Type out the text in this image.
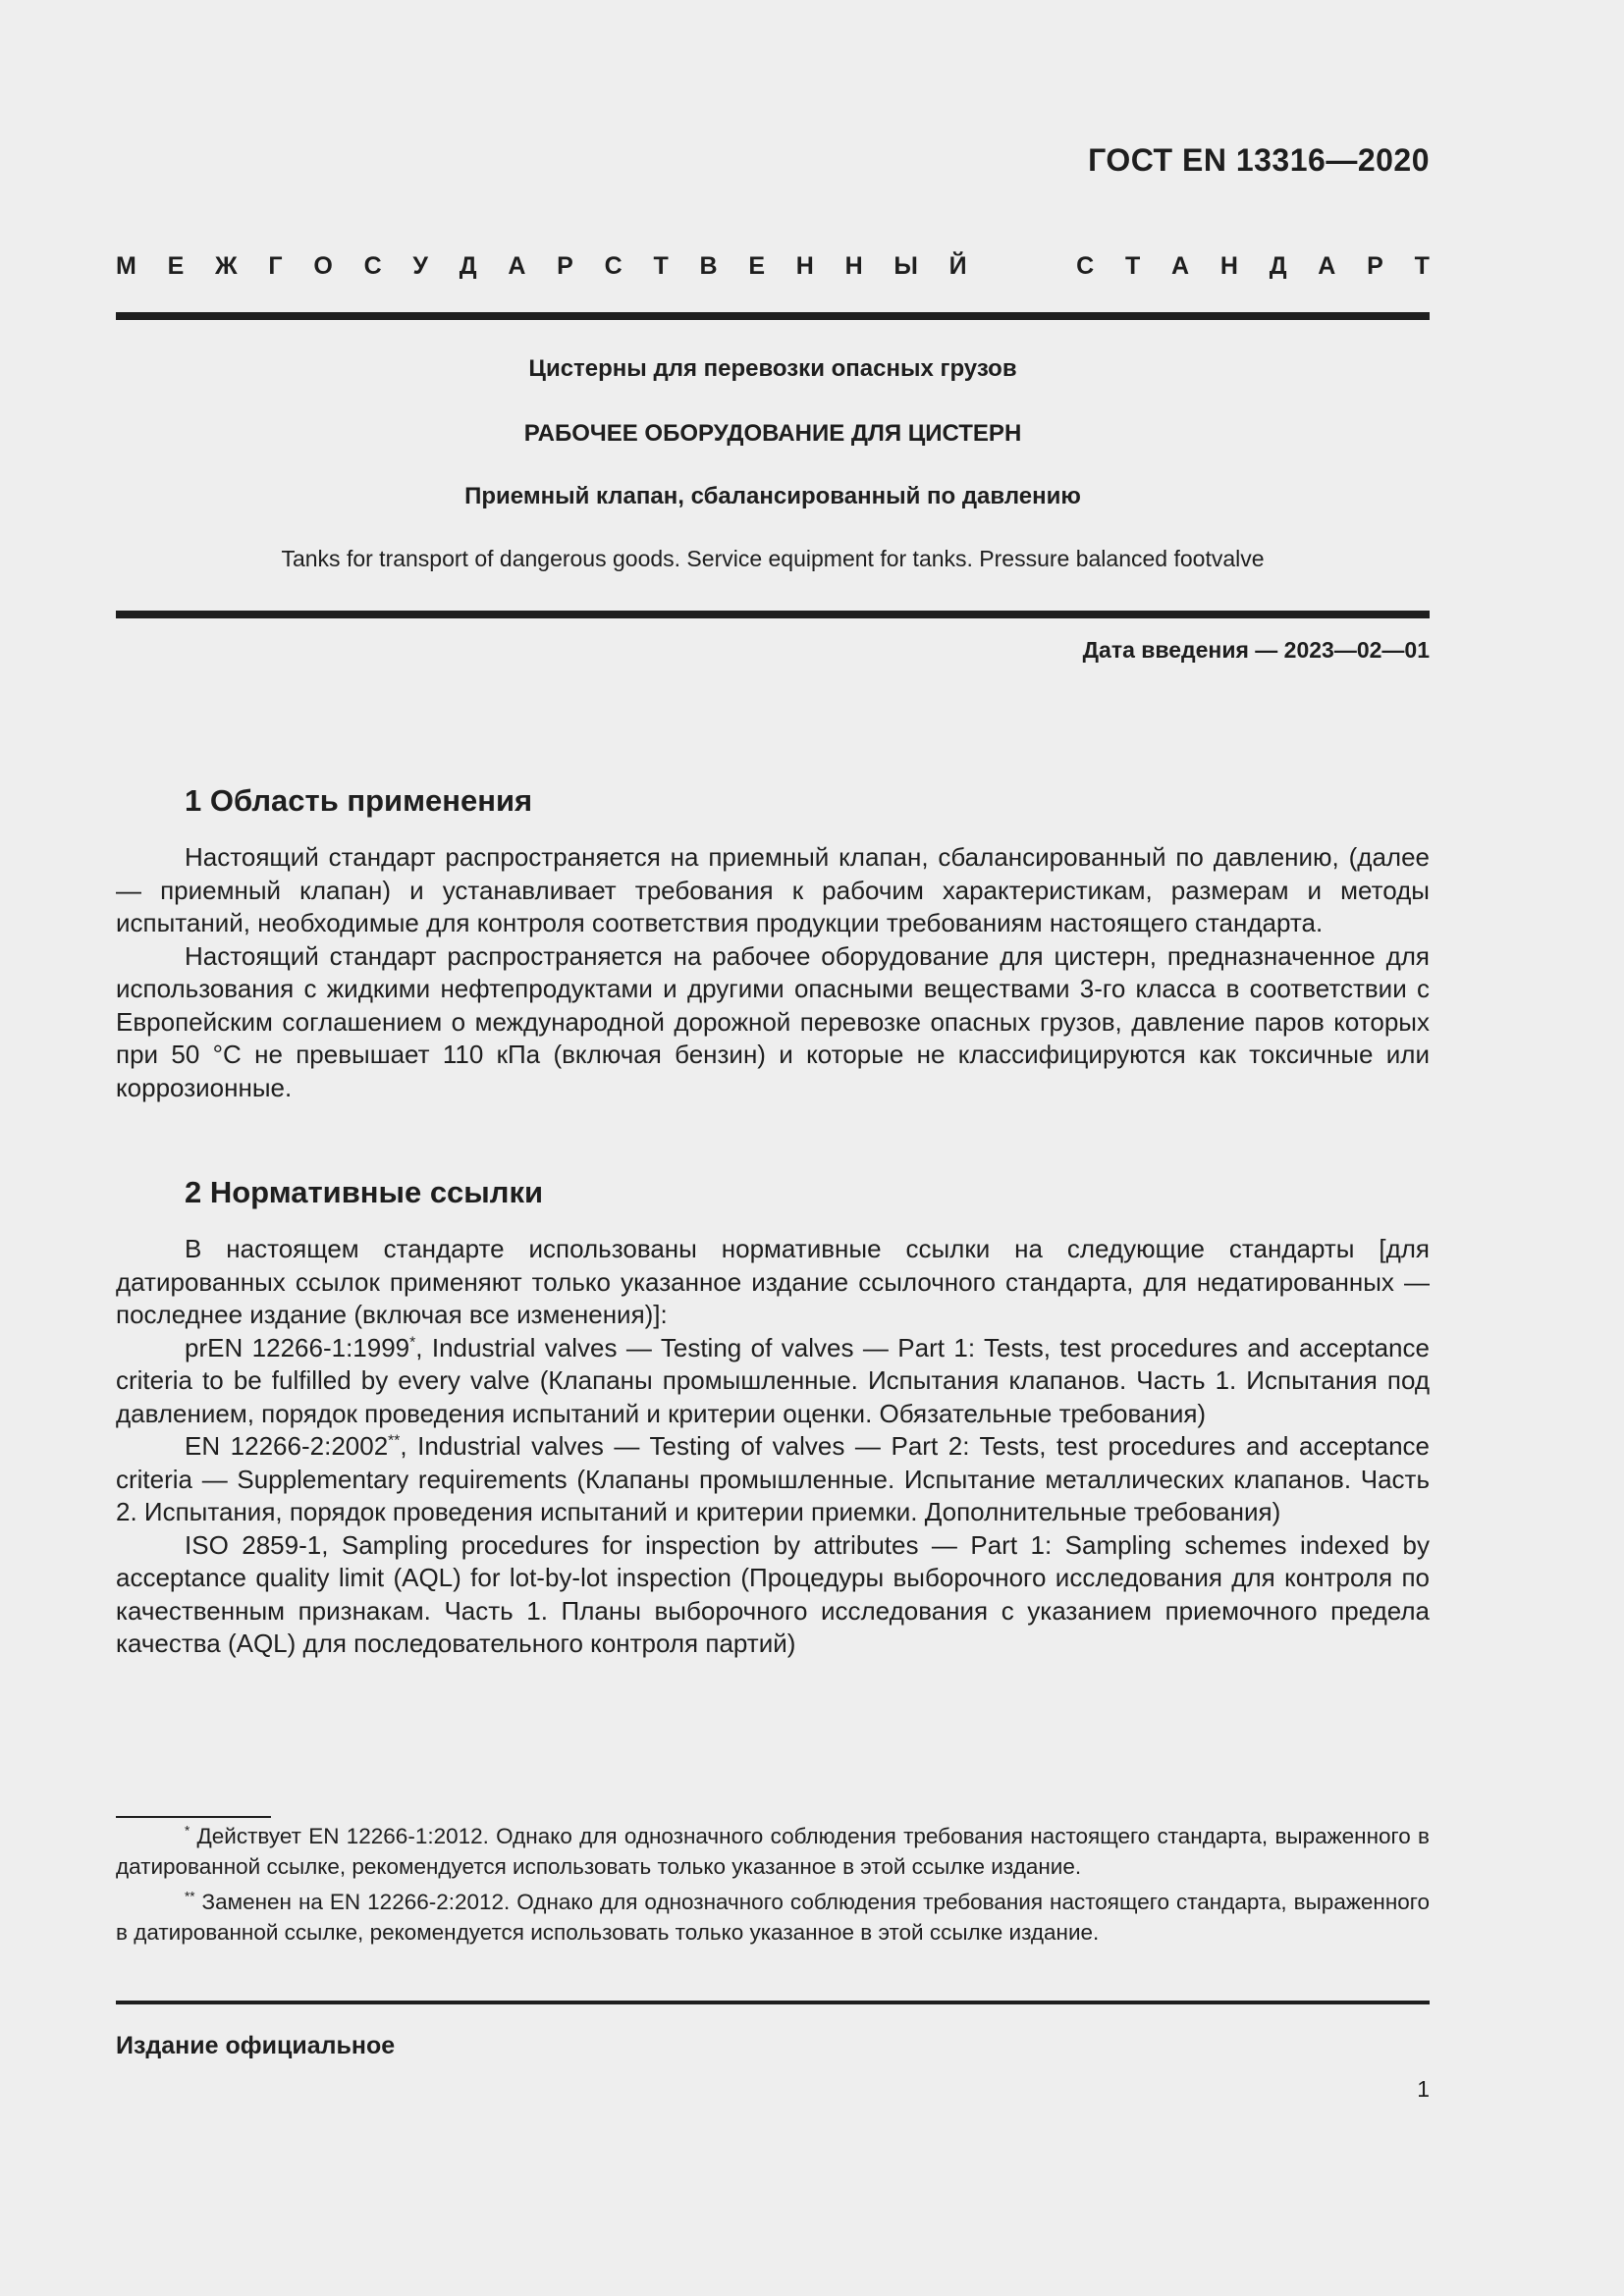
ГОСТ EN 13316—2020
М Е Ж Г О С У Д А Р С Т В Е Н Н Ы Й	С Т А Н Д А Р Т
Цистерны для перевозки опасных грузов
РАБОЧЕЕ ОБОРУДОВАНИЕ ДЛЯ ЦИСТЕРН
Приемный клапан, сбалансированный по давлению
Tanks for transport of dangerous goods. Service equipment for tanks. Pressure balanced footvalve
Дата введения — 2023—02—01
1 Область применения

Настоящий стандарт распространяется на приемный клапан, сбалансированный по давлению, (далее — приемный клапан) и устанавливает требования к рабочим характеристикам, размерам и методы испытаний, необходимые для контроля соответствия продукции требованиям настоящего стандарта.

Настоящий стандарт распространяется на рабочее оборудование для цистерн, предназначенное для использования с жидкими нефтепродуктами и другими опасными веществами 3-го класса в соответствии с Европейским соглашением о международной дорожной перевозке опасных грузов, давление паров которых при 50 °С не превышает 110 кПа (включая бензин) и которые не классифицируются как токсичные или коррозионные.

2 Нормативные ссылки

В настоящем стандарте использованы нормативные ссылки на следующие стандарты [для датированных ссылок применяют только указанное издание ссылочного стандарта, для недатированных — последнее издание (включая все изменения)]:

prEN 12266-1:1999*, Industrial valves — Testing of valves — Part 1: Tests, test procedures and acceptance criteria to be fulfilled by every valve (Клапаны промышленные. Испытания клапанов. Часть 1. Испытания под давлением, порядок проведения испытаний и критерии оценки. Обязательные требования)

EN 12266-2:2002**, Industrial valves — Testing of valves — Part 2: Tests, test procedures and acceptance criteria — Supplementary requirements (Клапаны промышленные. Испытание металлических клапанов. Часть 2. Испытания, порядок проведения испытаний и критерии приемки. Дополнительные требования)

ISO 2859-1, Sampling procedures for inspection by attributes — Part 1: Sampling schemes indexed by acceptance quality limit (AQL) for lot-by-lot inspection (Процедуры выборочного исследования для контроля по качественным признакам. Часть 1. Планы выборочного исследования с указанием приемочного предела качества (AQL) для последовательного контроля партий)

* Действует EN 12266-1:2012. Однако для однозначного соблюдения требования настоящего стандарта, выраженного в датированной ссылке, рекомендуется использовать только указанное в этой ссылке издание.

** Заменен на EN 12266-2:2012. Однако для однозначного соблюдения требования настоящего стандарта, выраженного в датированной ссылке, рекомендуется использовать только указанное в этой ссылке издание.

Издание официальное
1
